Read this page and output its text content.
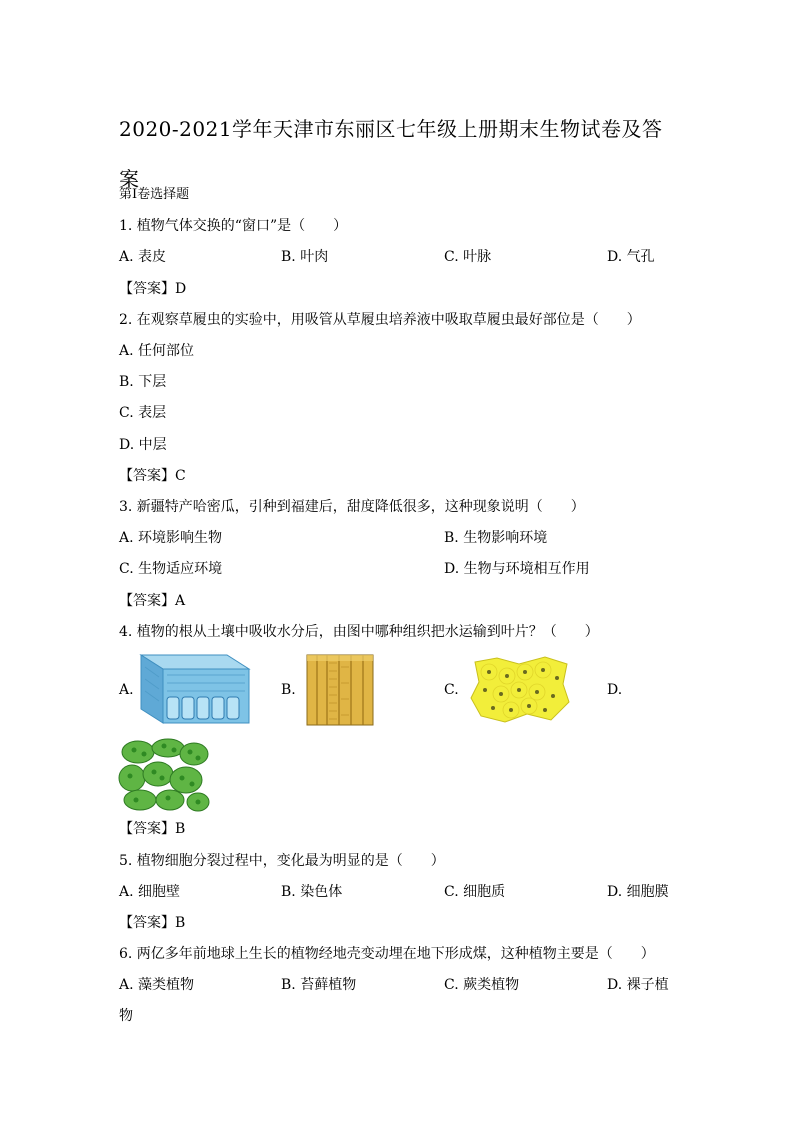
2020-2021学年天津市东丽区七年级上册期末生物试卷及答
案
第Ⅰ卷选择题
1. 植物气体交换的“窗口”是（　　）
A. 表皮	B. 叶肉	C. 叶脉	D. 气孔
【答案】D
2. 在观察草履虫的实验中，用吸管从草履虫培养液中吸取草履虫最好部位是（　　）
A. 任何部位
B. 下层
C. 表层
D. 中层
【答案】C
3. 新疆特产哈密瓜，引种到福建后，甜度降低很多，这种现象说明（　　）
A. 环境影响生物	B. 生物影响环境
C. 生物适应环境	D. 生物与环境相互作用
【答案】A
4. 植物的根从土壤中吸收水分后，由图中哪种组织把水运输到叶片？（　　）
A.	B.	C.	D.
【答案】B
5. 植物细胞分裂过程中，变化最为明显的是（　　）
A. 细胞壁	B. 染色体	C. 细胞质	D. 细胞膜
【答案】B
6. 两亿多年前地球上生长的植物经地壳变动埋在地下形成煤，这种植物主要是（　　）
A. 藻类植物	B. 苔藓植物	C. 蕨类植物	D. 裸子植
物
